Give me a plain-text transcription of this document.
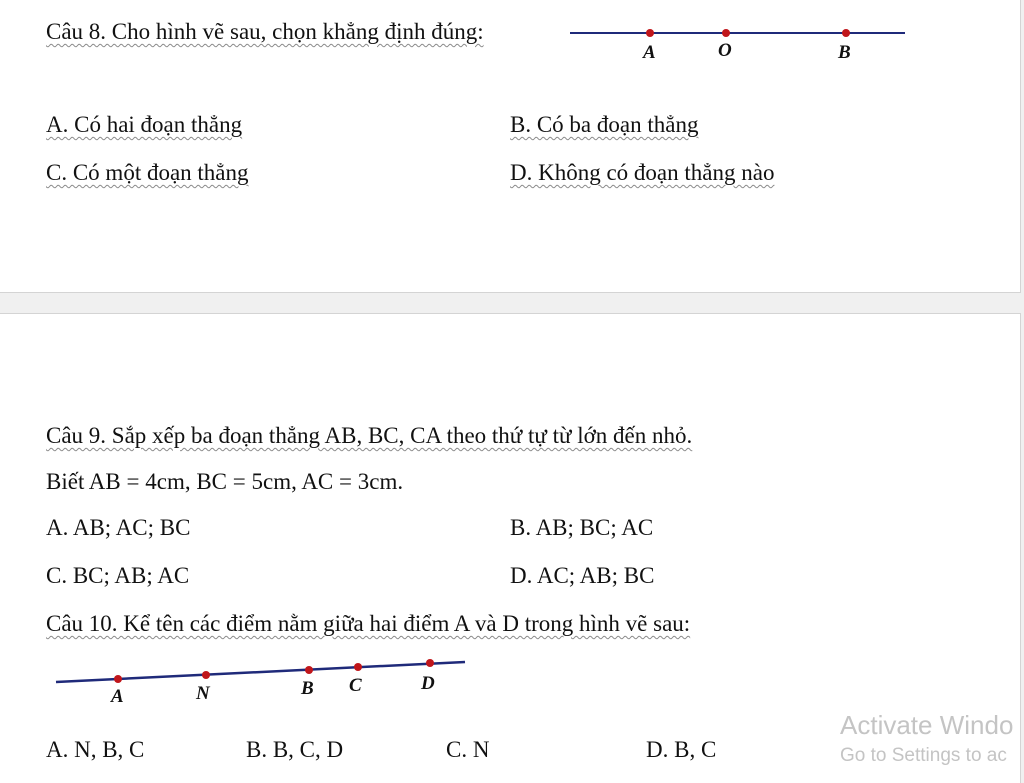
Câu 8. Cho hình vẽ sau, chọn khẳng định đúng:
A	O	B
A. Có hai đoạn thẳng	B. Có ba đoạn thẳng
C. Có một đoạn thẳng	D. Không có đoạn thẳng nào
Câu 9. Sắp xếp ba đoạn thẳng AB, BC, CA theo thứ tự từ lớn đến nhỏ.
Biết AB = 4cm, BC = 5cm, AC = 3cm.
A. AB; AC; BC	B. AB; BC; AC
C. BC; AB; AC	D. AC; AB; BC
Câu 10. Kể tên các điểm nằm giữa hai điểm A và D trong hình vẽ sau:
A	N	B C	D
A. N, B, C	B. B, C, D	C. N	D. B, C
Activate Windo
Go to Settings to ac
